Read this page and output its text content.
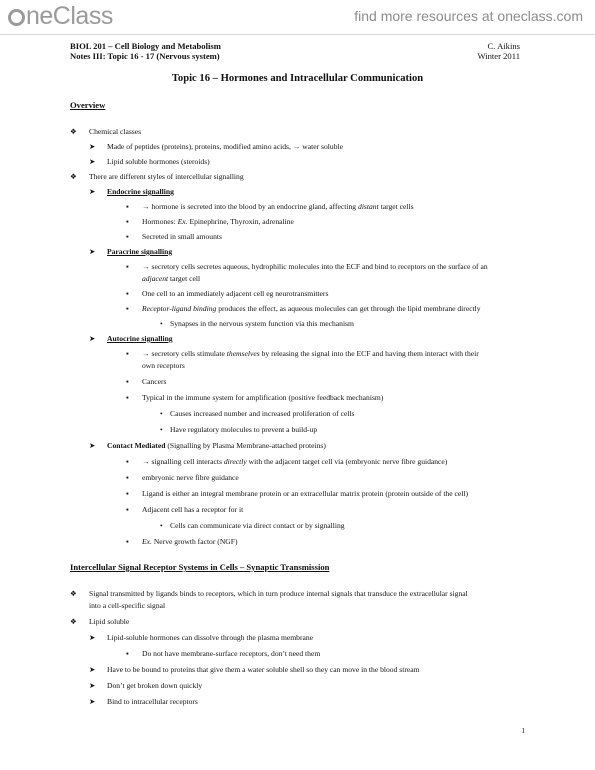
neClass	find more resources at oneclass.com
BIOL 201 – Cell Biology and Metabolism
Notes III: Topic 16 - 17 (Nervous system)
C. Aikins
Winter 2011
Topic 16 – Hormones and Intracellular Communication
Overview
❖ Chemical classes
➤ Made of peptides (proteins), proteins, modified amino acids, → water soluble
➤ Lipid soluble hormones (steroids)
❖ There are different styles of intercellular signalling
➤ Endocrine signalling
▪ → hormone is secreted into the blood by an endocrine gland, affecting distant target cells
▪ Hormones: Ex. Epinephrine, Thyroxin, adrenaline
▪ Secreted in small amounts
➤ Paracrine signalling
▪ → secretory cells secretes aqueous, hydrophilic molecules into the ECF and bind to receptors on the surface of an
adjacent target cell
▪ One cell to an immediately adjacent cell eg neurotransmitters
▪ Receptor-ligand binding produces the effect, as aqueous molecules can get through the lipid membrane directly
• Synapses in the nervous system function via this mechanism
➤ Autocrine signalling
▪ → secretory cells stimulate themselves by releasing the signal into the ECF and having them interact with their
own receptors
▪ Cancers
▪ Typical in the immune system for amplification (positive feedback mechanism)
• Causes increased number and increased proliferation of cells
• Have regulatory molecules to prevent a build-up
➤ Contact Mediated (Signalling by Plasma Membrane-attached proteins)
▪ → signalling cell interacts directly with the adjacent target cell via (embryonic nerve fibre guidance)
▪ embryonic nerve fibre guidance
▪ Ligand is either an integral membrane protein or an extracellular matrix protein (protein outside of the cell)
▪ Adjacent cell has a receptor for it
• Cells can communicate via direct contact or by signalling
▪ Ex. Nerve growth factor (NGF)
Intercellular Signal Receptor Systems in Cells – Synaptic Transmission
❖ Signal transmitted by ligands binds to receptors, which in turn produce internal signals that transduce the extracellular signal
into a cell-specific signal
❖ Lipid soluble
➤ Lipid-soluble hormones can dissolve through the plasma membrane
▪ Do not have membrane-surface receptors, don’t need them
➤ Have to be bound to proteins that give them a water soluble shell so they can move in the blood stream
➤ Don’t get broken down quickly
➤ Bind to intracellular receptors
1
